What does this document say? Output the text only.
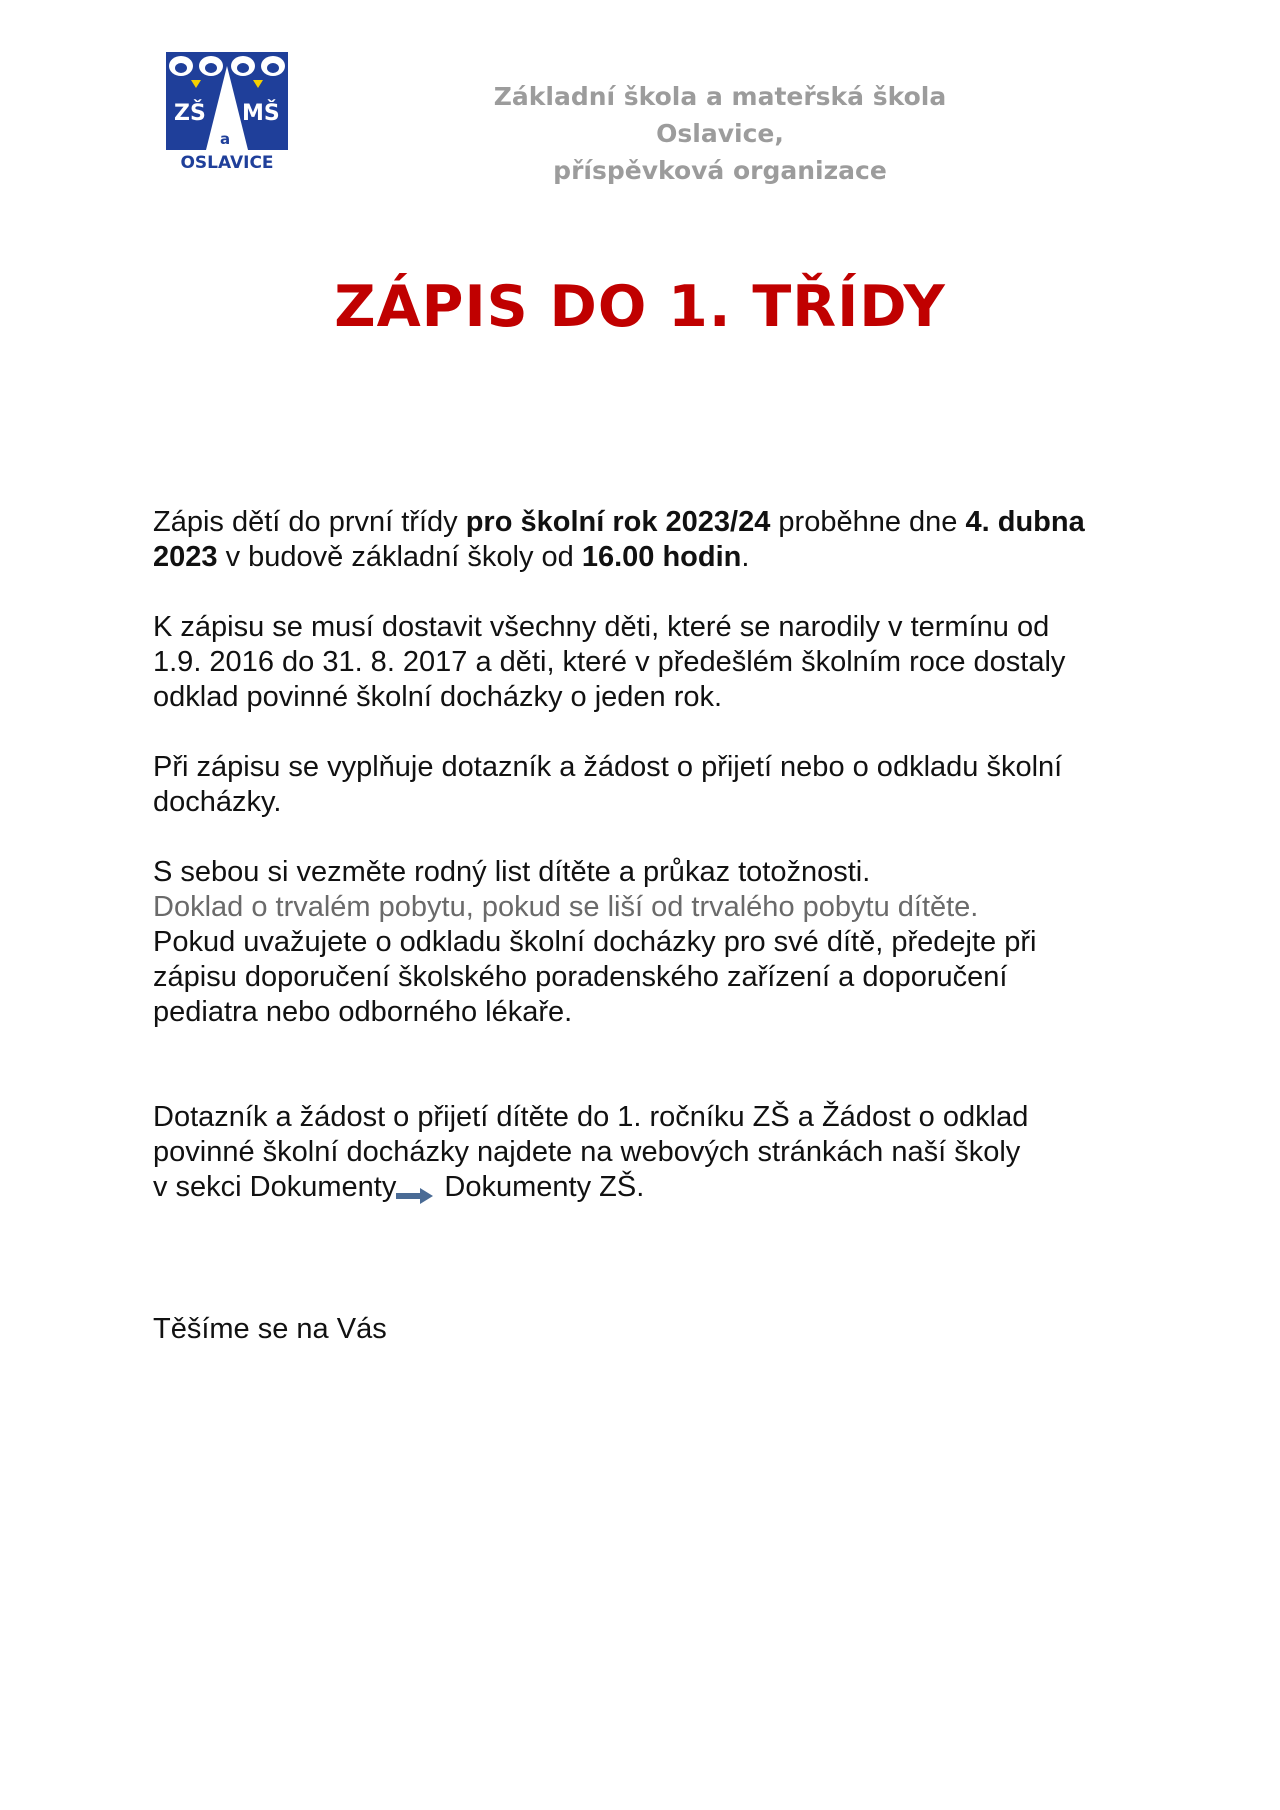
ZŠ MŠ
a
OSLAVICE
Základní škola a mateřská škola Oslavice,
příspěvková organizace
ZÁPIS DO 1. TŘÍDY

Zápis dětí do první třídy pro školní rok 2023/24 proběhne dne 4. dubna
2023 v budově základní školy od 16.00 hodin.

K zápisu se musí dostavit všechny děti, které se narodily v termínu od
1.9. 2016 do 31. 8. 2017 a děti, které v předešlém školním roce dostaly
odklad povinné školní docházky o jeden rok.

Při zápisu se vyplňuje dotazník a žádost o přijetí nebo o odkladu školní
docházky.

S sebou si vezměte rodný list dítěte a průkaz totožnosti.
Doklad o trvalém pobytu, pokud se liší od trvalého pobytu dítěte.
Pokud uvažujete o odkladu školní docházky pro své dítě, předejte při
zápisu doporučení školského poradenského zařízení a doporučení
pediatra nebo odborného lékaře.

Dotazník a žádost o přijetí dítěte do 1. ročníku ZŠ a Žádost o odklad
povinné školní docházky najdete na webových stránkách naší školy
v sekci Dokumenty Dokumenty ZŠ.

Těšíme se na Vás
